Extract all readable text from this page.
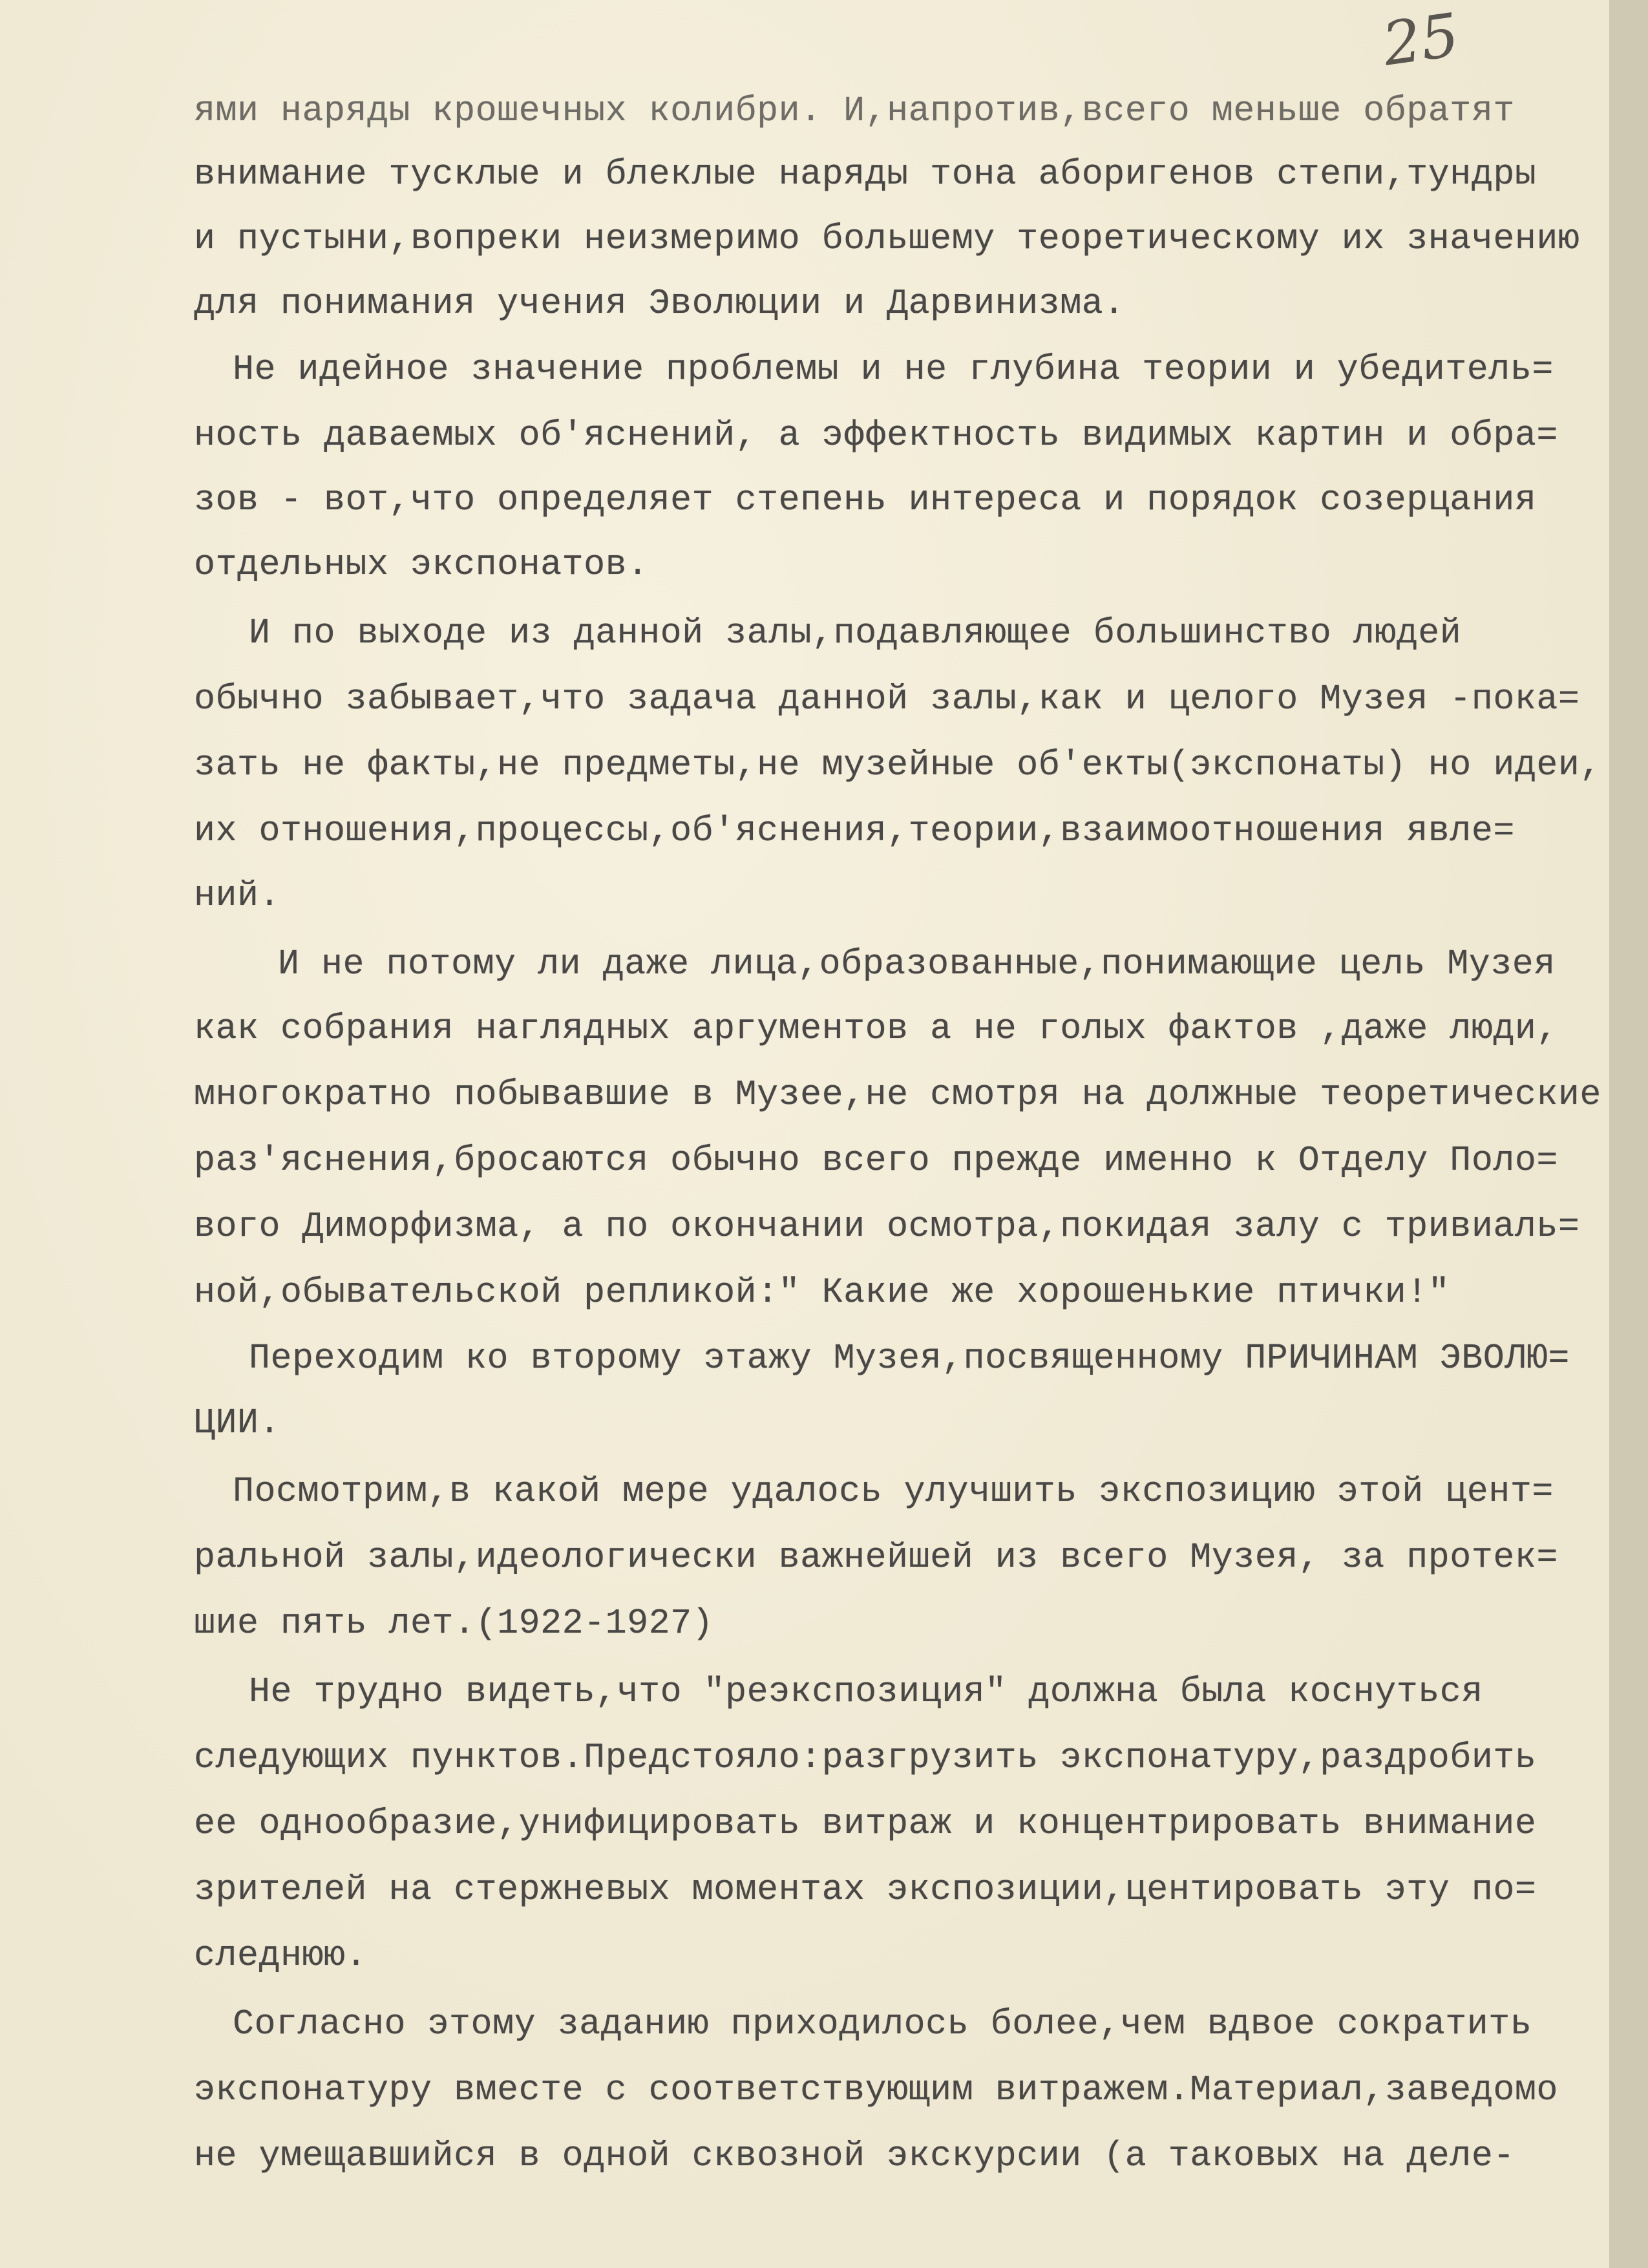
25
ями наряды крошечных колибри. И,напротив,всего меньше обратят
внимание тусклые и блеклые наряды тона аборигенов степи,тундры
и пустыни,вопреки неизмеримо большему теоретическому их значению
для понимания учения Эволюции и Дарвинизма.
Не идейное значение проблемы и не глубина теории и убедитель=
ность даваемых об'яснений, а эффектность видимых картин и обра=
зов - вот,что определяет степень интереса и порядок созерцания
отдельных экспонатов.
И по выходе из данной залы,подавляющее большинство людей
обычно забывает,что задача данной залы,как и целого Музея -пока=
зать не факты,не предметы,не музейные об'екты(экспонаты) но идеи,
их отношения,процессы,об'яснения,теории,взаимоотношения явле=
ний.
И не потому ли даже лица,образованные,понимающие цель Музея
как собрания наглядных аргументов а не голых фактов ,даже люди,
многократно побывавшие в Музее,не смотря на должные теоретические
раз'яснения,бросаются обычно всего прежде именно к Отделу Поло=
вого Диморфизма, а по окончании осмотра,покидая залу с тривиаль=
ной,обывательской репликой:" Какие же хорошенькие птички!"
Переходим ко второму этажу Музея,посвященному ПРИЧИНАМ ЭВОЛЮ=
ЦИИ.
Посмотрим,в какой мере удалось улучшить экспозицию этой цент=
ральной залы,идеологически важнейшей из всего Музея, за протек=
шие пять лет.(1922-1927)
Не трудно видеть,что "реэкспозиция" должна была коснуться
следующих пунктов.Предстояло:разгрузить экспонатуру,раздробить
ее однообразие,унифицировать витраж и концентрировать внимание
зрителей на стержневых моментах экспозиции,центировать эту по=
следнюю.
Согласно этому заданию приходилось более,чем вдвое сократить
экспонатуру вместе с соответствующим витражем.Материал,заведомо
не умещавшийся в одной сквозной экскурсии (а таковых на деле-
